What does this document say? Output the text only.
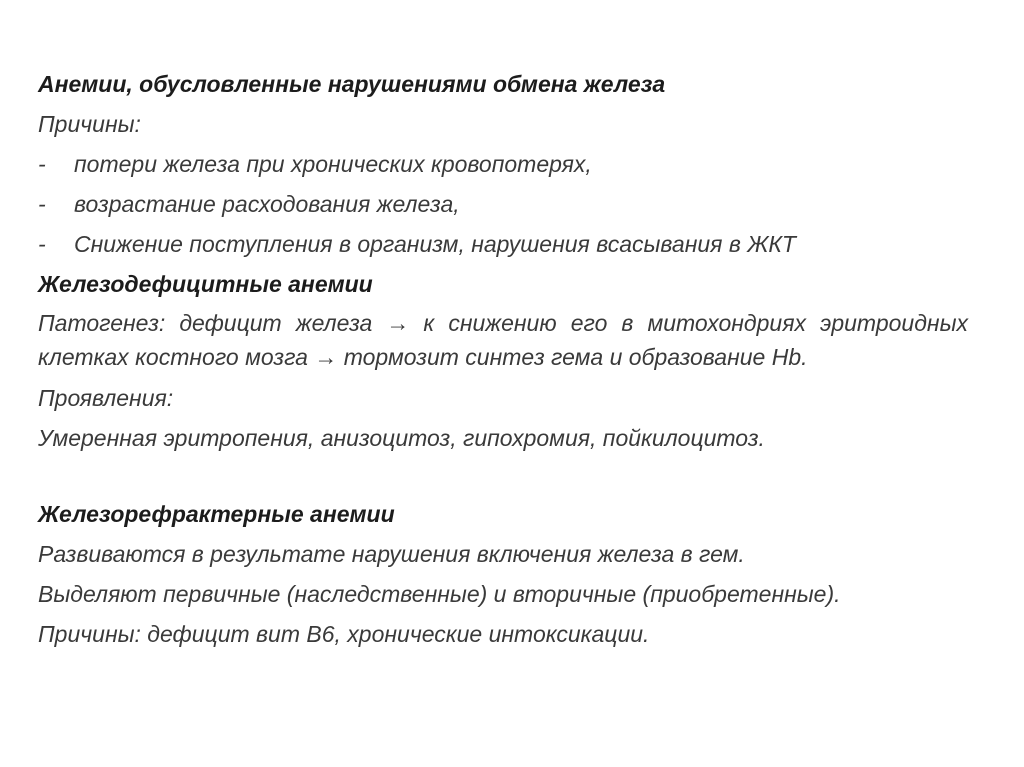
Анемии, обусловленные нарушениями обмена железа
Причины:
-	потери железа при хронических кровопотерях,
-	возрастание расходования железа,
-	Снижение поступления в организм, нарушения всасывания в ЖКТ
Железодефицитные анемии
Патогенез: дефицит железа → к снижению его в митохондриях эритроидных клетках костного мозга → тормозит синтез гема и образование Hb.
Проявления:
Умеренная эритропения, анизоцитоз, гипохромия, пойкилоцитоз.
Железорефрактерные анемии
Развиваются в результате нарушения включения железа в гем.
Выделяют первичные (наследственные) и вторичные (приобретенные).
Причины: дефицит вит В6, хронические интоксикации.
